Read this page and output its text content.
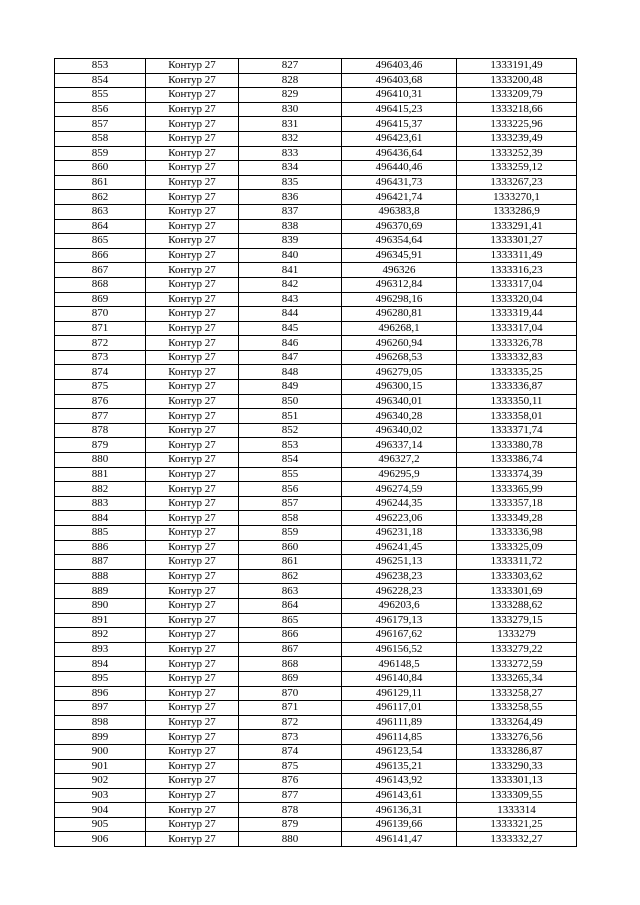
853	Контур 27	827	496403,46	1333191,49
854	Контур 27	828	496403,68	1333200,48
855	Контур 27	829	496410,31	1333209,79
856	Контур 27	830	496415,23	1333218,66
857	Контур 27	831	496415,37	1333225,96
858	Контур 27	832	496423,61	1333239,49
859	Контур 27	833	496436,64	1333252,39
860	Контур 27	834	496440,46	1333259,12
861	Контур 27	835	496431,73	1333267,23
862	Контур 27	836	496421,74	1333270,1
863	Контур 27	837	496383,8	1333286,9
864	Контур 27	838	496370,69	1333291,41
865	Контур 27	839	496354,64	1333301,27
866	Контур 27	840	496345,91	1333311,49
867	Контур 27	841	496326	1333316,23
868	Контур 27	842	496312,84	1333317,04
869	Контур 27	843	496298,16	1333320,04
870	Контур 27	844	496280,81	1333319,44
871	Контур 27	845	496268,1	1333317,04
872	Контур 27	846	496260,94	1333326,78
873	Контур 27	847	496268,53	1333332,83
874	Контур 27	848	496279,05	1333335,25
875	Контур 27	849	496300,15	1333336,87
876	Контур 27	850	496340,01	1333350,11
877	Контур 27	851	496340,28	1333358,01
878	Контур 27	852	496340,02	1333371,74
879	Контур 27	853	496337,14	1333380,78
880	Контур 27	854	496327,2	1333386,74
881	Контур 27	855	496295,9	1333374,39
882	Контур 27	856	496274,59	1333365,99
883	Контур 27	857	496244,35	1333357,18
884	Контур 27	858	496223,06	1333349,28
885	Контур 27	859	496231,18	1333336,98
886	Контур 27	860	496241,45	1333325,09
887	Контур 27	861	496251,13	1333311,72
888	Контур 27	862	496238,23	1333303,62
889	Контур 27	863	496228,23	1333301,69
890	Контур 27	864	496203,6	1333288,62
891	Контур 27	865	496179,13	1333279,15
892	Контур 27	866	496167,62	1333279
893	Контур 27	867	496156,52	1333279,22
894	Контур 27	868	496148,5	1333272,59
895	Контур 27	869	496140,84	1333265,34
896	Контур 27	870	496129,11	1333258,27
897	Контур 27	871	496117,01	1333258,55
898	Контур 27	872	496111,89	1333264,49
899	Контур 27	873	496114,85	1333276,56
900	Контур 27	874	496123,54	1333286,87
901	Контур 27	875	496135,21	1333290,33
902	Контур 27	876	496143,92	1333301,13
903	Контур 27	877	496143,61	1333309,55
904	Контур 27	878	496136,31	1333314
905	Контур 27	879	496139,66	1333321,25
906	Контур 27	880	496141,47	1333332,27
